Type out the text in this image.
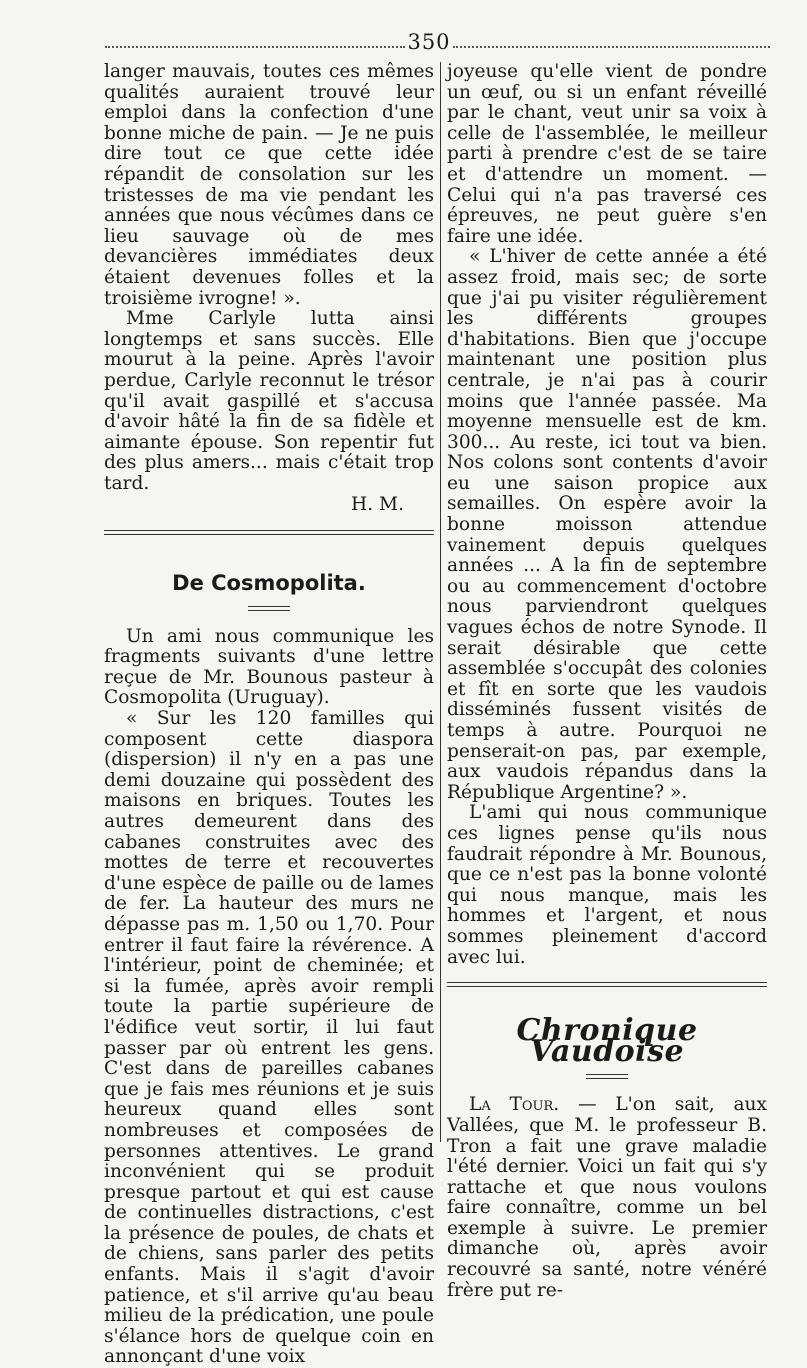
350

langer mauvais, toutes ces mêmes qualités auraient trouvé leur emploi dans la confection d'une bonne miche de pain. — Je ne puis dire tout ce que cette idée répandit de consolation sur les tristesses de ma vie pendant les années que nous vécûmes dans ce lieu sauvage où de mes devancières immédiates deux étaient devenues folles et la troisième ivrogne! ».

Mme Carlyle lutta ainsi longtemps et sans succès. Elle mourut à la peine. Après l'avoir perdue, Carlyle reconnut le trésor qu'il avait gaspillé et s'accusa d'avoir hâté la fin de sa fidèle et aimante épouse. Son repentir fut des plus amers... mais c'était trop tard.

H. M.

De Cosmopolita.

Un ami nous communique les fragments suivants d'une lettre reçue de Mr. Bounous pasteur à Cosmopolita (Uruguay).

« Sur les 120 familles qui composent cette diaspora (dispersion) il n'y en a pas une demi douzaine qui possèdent des maisons en briques. Toutes les autres demeurent dans des cabanes construites avec des mottes de terre et recouvertes d'une espèce de paille ou de lames de fer. La hauteur des murs ne dépasse pas m. 1,50 ou 1,70. Pour entrer il faut faire la révérence. A l'intérieur, point de cheminée; et si la fumée, après avoir rempli toute la partie supérieure de l'édifice veut sortir, il lui faut passer par où entrent les gens. C'est dans de pareilles cabanes que je fais mes réunions et je suis heureux quand elles sont nombreuses et composées de personnes attentives. Le grand inconvénient qui se produit presque partout et qui est cause de continuelles distractions, c'est la présence de poules, de chats et de chiens, sans parler des petits enfants. Mais il s'agit d'avoir patience, et s'il arrive qu'au beau milieu de la prédication, une poule s'élance hors de quelque coin en annonçant d'une voix

joyeuse qu'elle vient de pondre un œuf, ou si un enfant réveillé par le chant, veut unir sa voix à celle de l'assemblée, le meilleur parti à prendre c'est de se taire et d'attendre un moment. — Celui qui n'a pas traversé ces épreuves, ne peut guère s'en faire une idée.

« L'hiver de cette année a été assez froid, mais sec; de sorte que j'ai pu visiter régulièrement les différents groupes d'habitations. Bien que j'occupe maintenant une position plus centrale, je n'ai pas à courir moins que l'année passée. Ma moyenne mensuelle est de km. 300... Au reste, ici tout va bien. Nos colons sont contents d'avoir eu une saison propice aux semailles. On espère avoir la bonne moisson attendue vainement depuis quelques années ... A la fin de septembre ou au commencement d'octobre nous parviendront quelques vagues échos de notre Synode. Il serait désirable que cette assemblée s'occupât des colonies et fît en sorte que les vaudois disséminés fussent visités de temps à autre. Pourquoi ne penserait-on pas, par exemple, aux vaudois répandus dans la République Argentine? ».

L'ami qui nous communique ces lignes pense qu'ils nous faudrait répondre à Mr. Bounous, que ce n'est pas la bonne volonté qui nous manque, mais les hommes et l'argent, et nous sommes pleinement d'accord avec lui.

Chronique Vaudoise

La Tour. — L'on sait, aux Vallées, que M. le professeur B. Tron a fait une grave maladie l'été dernier. Voici un fait qui s'y rattache et que nous voulons faire connaître, comme un bel exemple à suivre. Le premier dimanche où, après avoir recouvré sa santé, notre vénéré frère put re-
